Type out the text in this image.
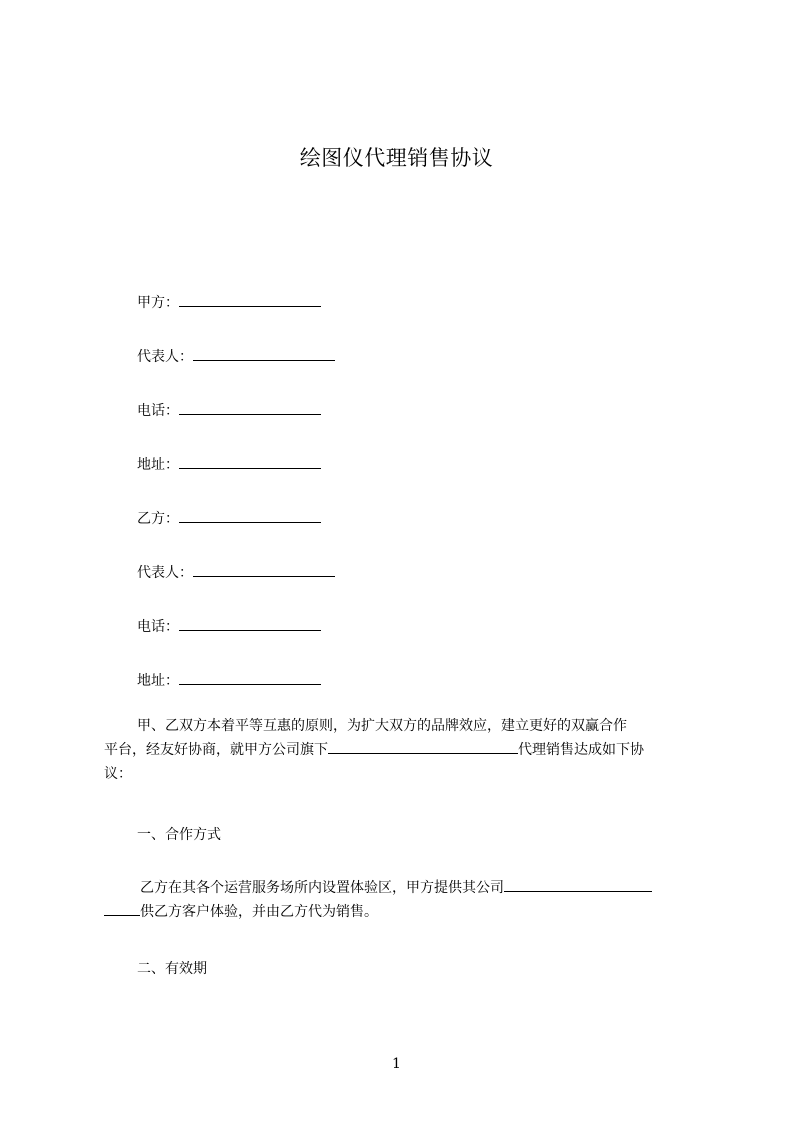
绘图仪代理销售协议
甲方：
代表人：
电话：
地址：
乙方：
代表人：
电话：
地址：
甲、乙双方本着平等互惠的原则，为扩大双方的品牌效应，建立更好的双赢合作
平台，经友好协商，就甲方公司旗下	代理销售达成如下协
议：
一、合作方式
乙方在其各个运营服务场所内设置体验区，甲方提供其公司
供乙方客户体验，并由乙方代为销售。
二、有效期
1
